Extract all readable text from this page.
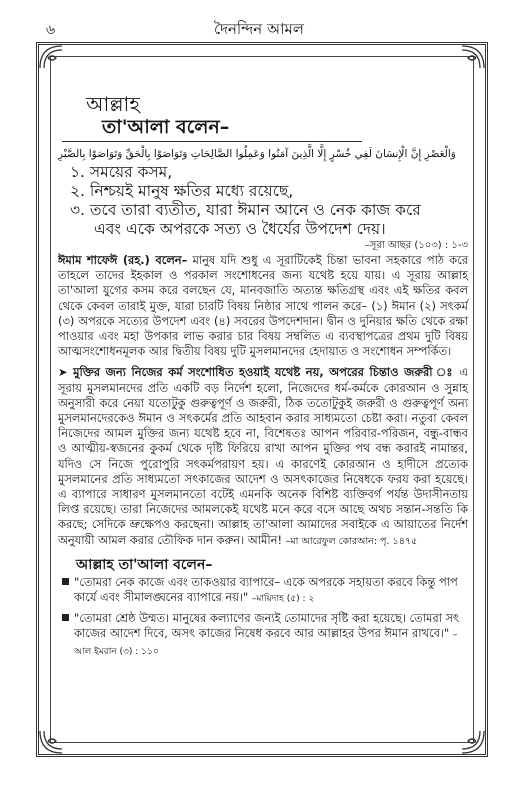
৬	দৈনন্দিন আমল
আল্লাহ
তা'আলা বলেন–
وَالْعَصْرِ إِنَّ الْإِنسَانَ لَفِي خُسْرٍ إِلَّا الَّذِينَ آمَنُوا وَعَمِلُوا الصَّالِحَاتِ وَتَوَاصَوْا بِالْحَقِّ وَتَوَاصَوْا بِالصَّبْرِ
১. সময়ের কসম,
২. নিশ্চয়ই মানুষ ক্ষতির মধ্যে রয়েছে,
৩. তবে তারা ব্যতীত, যারা ঈমান আনে ও নেক কাজ করে
এবং একে অপরকে সত্য ও ধৈর্যের উপদেশ দেয়।
–সূরা আছর (১০৩) : ১-৩

ঈমাম শাফেঈ (রহ.) বলেন– মানুষ যদি শুধু এ সূরাটিকেই চিন্তা ভাবনা সহকারে পাঠ করে তাহলে তাদের ইহকাল ও পরকাল সংশোধনের জন্য যথেষ্ট হয়ে যায়। এ সূরায় আল্লাহ তা'আলা যুগের কসম করে বলছেন যে, মানবজাতি অত্যন্ত ক্ষতিগ্রস্থ এবং এই ক্ষতির কবল থেকে কেবল তারাই মুক্ত, যারা চারটি বিষয় নিষ্ঠার সাথে পালন করে– (১) ঈমান (২) সৎকর্ম (৩) অপরকে সত্যের উপদেশ এবং (৪) সবরের উপদেশদান। দ্বীন ও দুনিয়ার ক্ষতি থেকে রক্ষা পাওয়ার এবং মহা উপকার লাভ করার চার বিষয় সম্বলিত এ ব্যবস্থাপত্রের প্রথম দুটি বিষয় আত্মসংশোধনমূলক আর দ্বিতীয় বিষয় দুটি মুসলমানদের হেদায়াত ও সংশোধন সম্পর্কিত।

➤ মুক্তির জন্য নিজের কর্ম সংশোধিত হওয়াই যথেষ্ট নয়, অপরের চিন্তাও জরুরী ঃ এ সূরায় মুসলমানদের প্রতি একটি বড় নির্দেশ হলো, নিজেদের ধর্ম-কর্মকে কোরআন ও সুন্নাহ অনুসারী করে নেয়া যতোটুকু গুরুত্বপূর্ণ ও জরুরী, ঠিক ততোটুকুই জরুরী ও গুরুত্বপূর্ণ অন্য মুসলমানদেরকেও ঈমান ও সৎকর্মের প্রতি আহবান করার সাধ্যমতো চেষ্টা করা। নতুবা কেবল নিজেদের আমল মুক্তির জন্য যথেষ্ট হবে না, বিশেষতঃ আপন পরিবার-পরিজন, বন্ধু-বান্ধব ও আত্মীয়-স্বজনের কুকর্ম থেকে দৃষ্টি ফিরিয়ে রাখা আপন মুক্তির পথ বন্ধ করারই নামান্তর, যদিও সে নিজে পুরোপুরি সৎকর্মপরায়ণ হয়। এ কারণেই কোরআন ও হাদীসে প্রত্যেক মুসলমানের প্রতি সাধ্যমতো সৎকাজের আদেশ ও অসৎকাজের নিষেধকে ফরয করা হয়েছে। এ ব্যাপারে সাধারণ মুসলমানতো বটেই এমনকি অনেক বিশিষ্ট ব্যক্তিবর্গ পর্যন্ত উদাসীনতায় লিপ্ত রয়েছে। তারা নিজেদের আমলকেই যথেষ্ট মনে করে বসে আছে অথচ সন্তান-সন্ততি কি করছে; সেদিকে ভ্রুক্ষেপও করছেনা। আল্লাহ তা'আলা আমাদের সবাইকে এ আয়াতের নির্দেশ অনুযায়ী আমল করার তৌফিক দান করুন। আমীন! –মা আরেফুল কোরআন: পৃ. ১৪৭৫

আল্লাহ তা'আলা বলেন–
"তোমরা নেক কাজে এবং তাকওয়ার ব্যাপারে– একে অপরকে সহায়তা করবে কিন্তু পাপ কার্যে এবং সীমালঙ্ঘনের ব্যাপারে নয়।" –মায়িদাহ (৫) : ২
"তোমরা শ্রেষ্ঠ উম্মত। মানুষের কল্যাণের জন্যই তোমাদের সৃষ্টি করা হয়েছে। তোমরা সৎ কাজের আদেশ দিবে, অসৎ কাজের নিষেধ করবে আর আল্লাহর উপর ঈমান রাখবে।" –আল ইমরান (৩) : ১১০
